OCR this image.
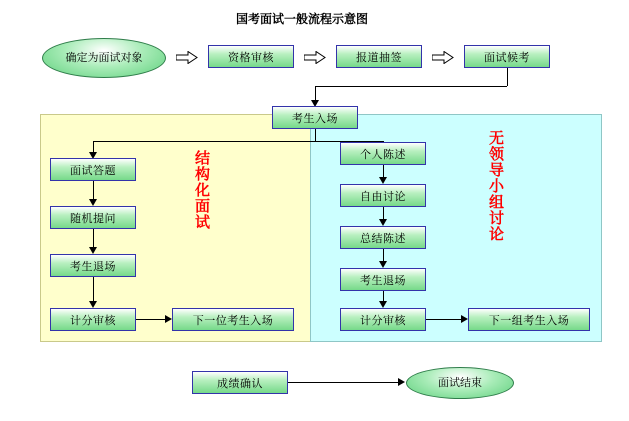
国考面试一般流程示意图
结构化面试	无领导小组讨论
确定为面试对象	资格审核	报道抽签	面试候考
考生入场
面试答题
随机提问
考生退场
计分审核	下一位考生入场
个人陈述
自由讨论
总结陈述
考生退场
计分审核	下一组考生入场
成绩确认	面试结束
